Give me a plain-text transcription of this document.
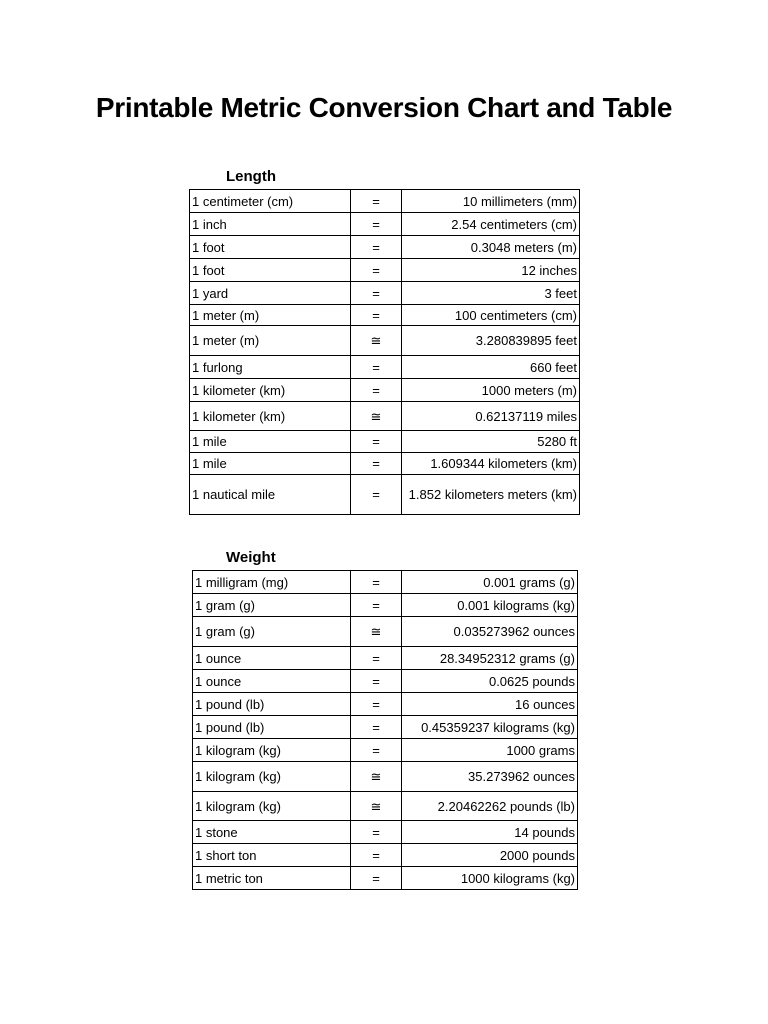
Printable Metric Conversion Chart and Table
Length
1 centimeter (cm)	=	10 millimeters (mm)
1 inch	=	2.54 centimeters (cm)
1 foot	=	0.3048 meters (m)
1 foot	=	12 inches
1 yard	=	3 feet
1 meter (m)	=	100 centimeters (cm)
1 meter (m)	≅	3.280839895 feet
1 furlong	=	660 feet
1 kilometer (km)	=	1000 meters (m)
1 kilometer (km)	≅	0.62137119 miles
1 mile	=	5280 ft
1 mile	=	1.609344 kilometers (km)
1 nautical mile	=	1.852 kilometers meters (km)
Weight
1 milligram (mg)	=	0.001 grams (g)
1 gram (g)	=	0.001 kilograms (kg)
1 gram (g)	≅	0.035273962 ounces
1 ounce	=	28.34952312 grams (g)
1 ounce	=	0.0625 pounds
1 pound (lb)	=	16 ounces
1 pound (lb)	=	0.45359237 kilograms (kg)
1 kilogram (kg)	=	1000 grams
1 kilogram (kg)	≅	35.273962 ounces
1 kilogram (kg)	≅	2.20462262 pounds (lb)
1 stone	=	14 pounds
1 short ton	=	2000 pounds
1 metric ton	=	1000 kilograms (kg)
